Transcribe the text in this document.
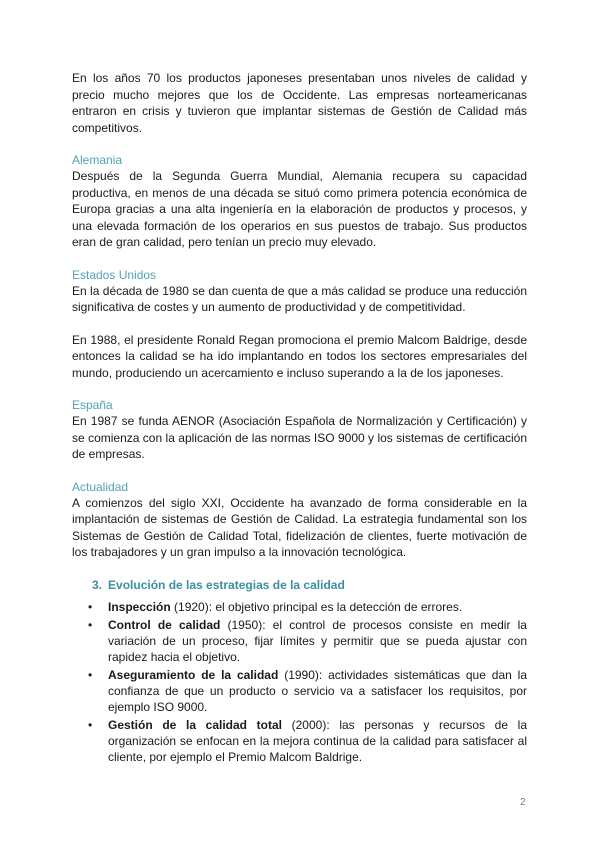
En los años 70 los productos japoneses presentaban unos niveles de calidad y precio mucho mejores que los de Occidente. Las empresas norteamericanas entraron en crisis y tuvieron que implantar sistemas de Gestión de Calidad más competitivos.

Alemania

Después de la Segunda Guerra Mundial, Alemania recupera su capacidad productiva, en menos de una década se situó como primera potencia económica de Europa gracias a una alta ingeniería en la elaboración de productos y procesos, y una elevada formación de los operarios en sus puestos de trabajo. Sus productos eran de gran calidad, pero tenían un precio muy elevado.

Estados Unidos

En la década de 1980 se dan cuenta de que a más calidad se produce una reducción significativa de costes y un aumento de productividad y de competitividad.

En 1988, el presidente Ronald Regan promociona el premio Malcom Baldrige, desde entonces la calidad se ha ido implantando en todos los sectores empresariales del mundo, produciendo un acercamiento e incluso superando a la de los japoneses.

España

En 1987 se funda AENOR (Asociación Española de Normalización y Certificación) y se comienza con la aplicación de las normas ISO 9000 y los sistemas de certificación de empresas.

Actualidad

A comienzos del siglo XXI, Occidente ha avanzado de forma considerable en la implantación de sistemas de Gestión de Calidad. La estrategia fundamental son los Sistemas de Gestión de Calidad Total, fidelización de clientes, fuerte motivación de los trabajadores y un gran impulso a la innovación tecnológica.

3. Evolución de las estrategias de la calidad
• Inspección (1920): el objetivo principal es la detección de errores.
• Control de calidad (1950): el control de procesos consiste en medir la variación de un proceso, fijar límites y permitir que se pueda ajustar con rapidez hacia el objetivo.
• Aseguramiento de la calidad (1990): actividades sistemáticas que dan la confianza de que un producto o servicio va a satisfacer los requisitos, por ejemplo ISO 9000.
• Gestión de la calidad total (2000): las personas y recursos de la organización se enfocan en la mejora continua de la calidad para satisfacer al cliente, por ejemplo el Premio Malcom Baldrige.
2
